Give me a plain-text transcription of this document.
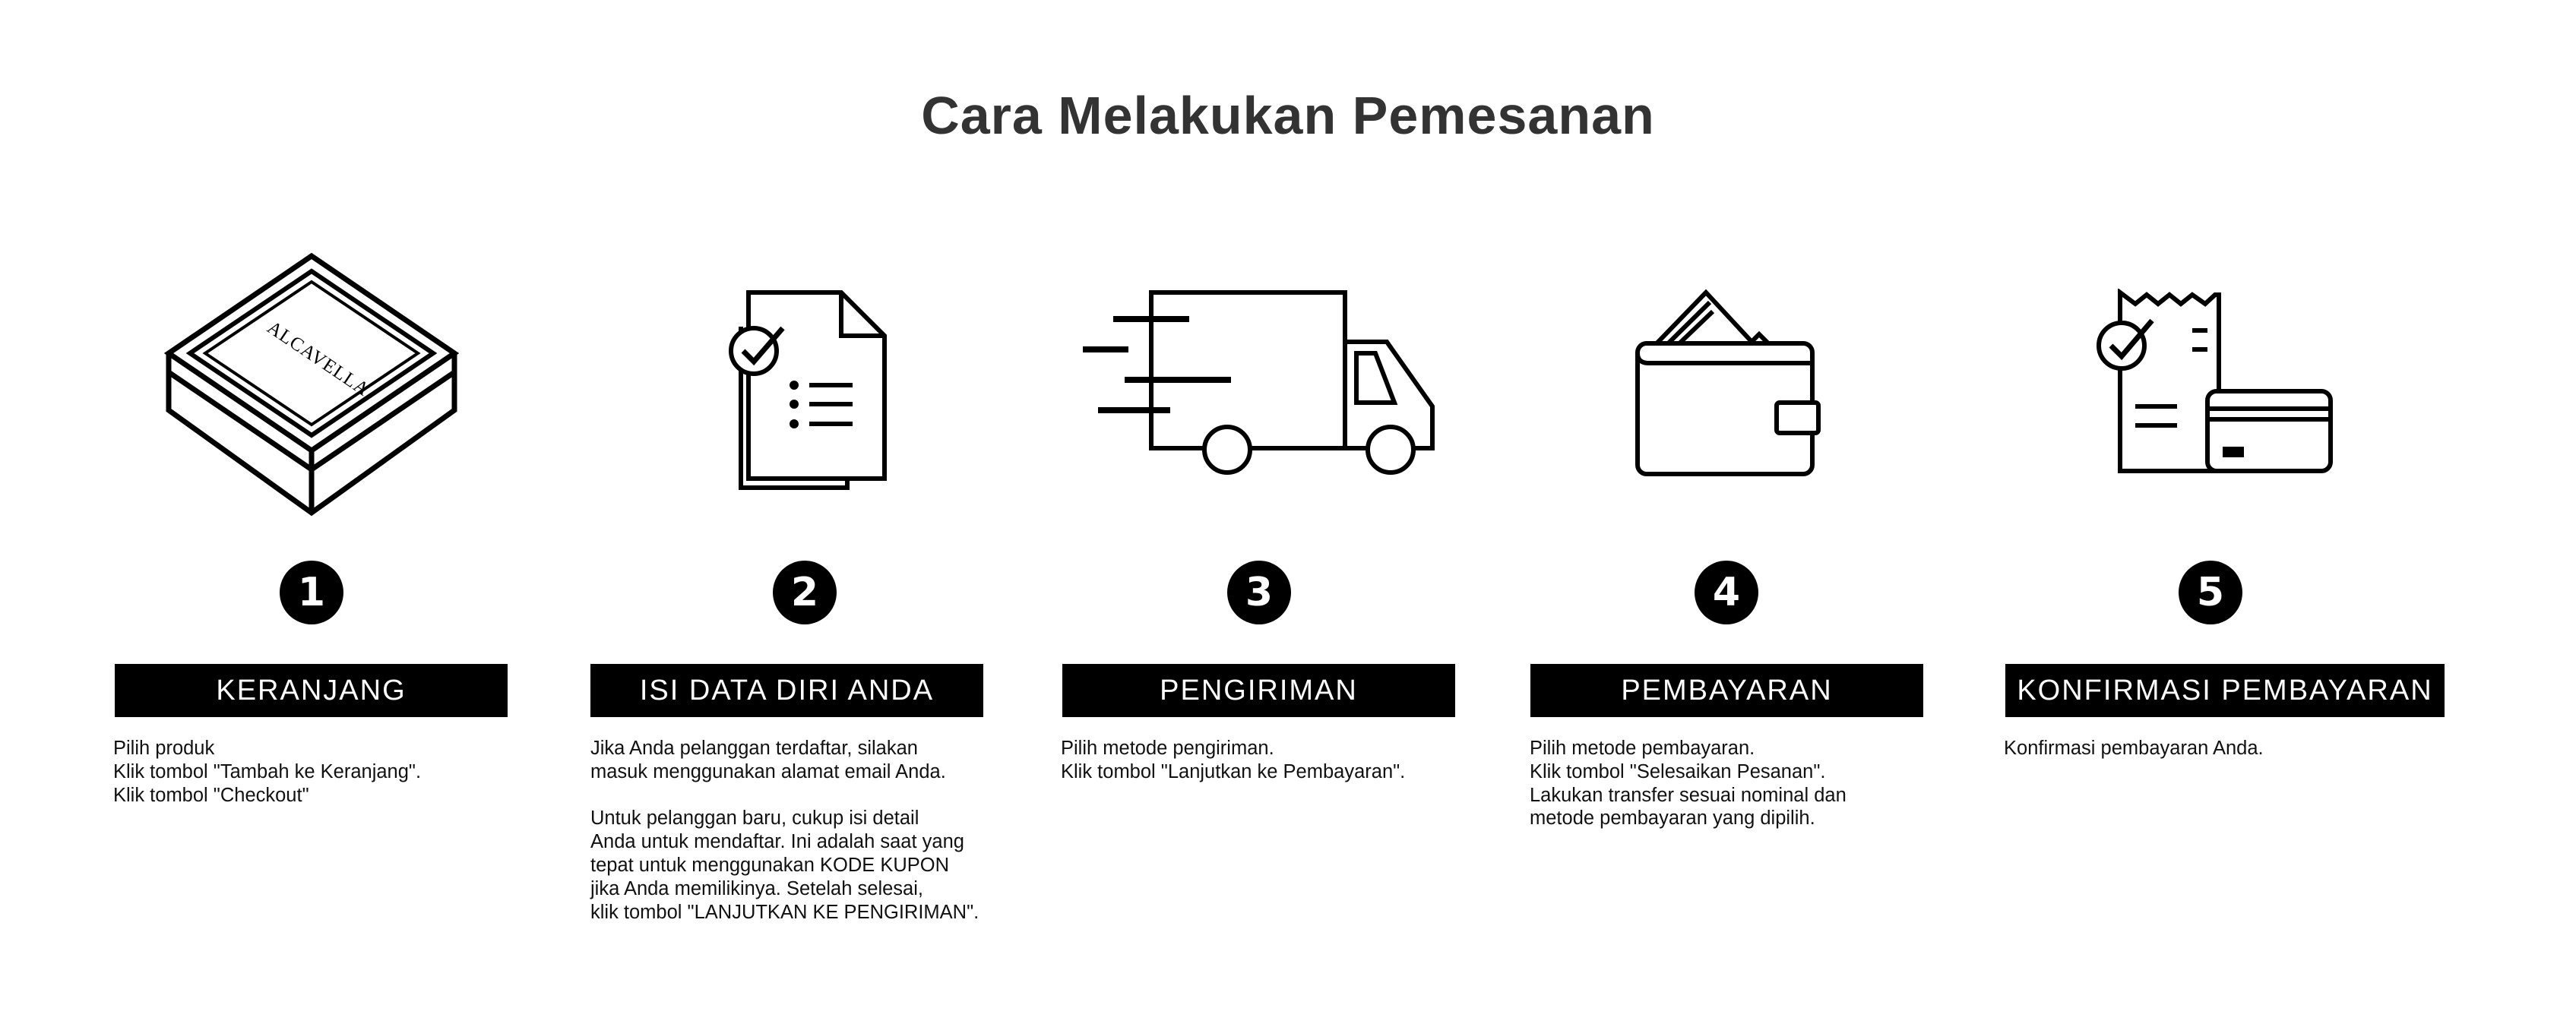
Cara Melakukan Pemesanan
ALCAVELLA
1	2	3	4	5
KERANJANG	ISI DATA DIRI ANDA	PENGIRIMAN	PEMBAYARAN	KONFIRMASI PEMBAYARAN
Pilih produk
Klik tombol "Tambah ke Keranjang".
Klik tombol "Checkout"
Jika Anda pelanggan terdaftar, silakan
masuk menggunakan alamat email Anda.

Untuk pelanggan baru, cukup isi detail
Anda untuk mendaftar. Ini adalah saat yang
tepat untuk menggunakan KODE KUPON
jika Anda memilikinya. Setelah selesai,
klik tombol "LANJUTKAN KE PENGIRIMAN".
Pilih metode pengiriman.
Klik tombol "Lanjutkan ke Pembayaran".
Pilih metode pembayaran.
Klik tombol "Selesaikan Pesanan".
Lakukan transfer sesuai nominal dan
metode pembayaran yang dipilih.
Konfirmasi pembayaran Anda.
